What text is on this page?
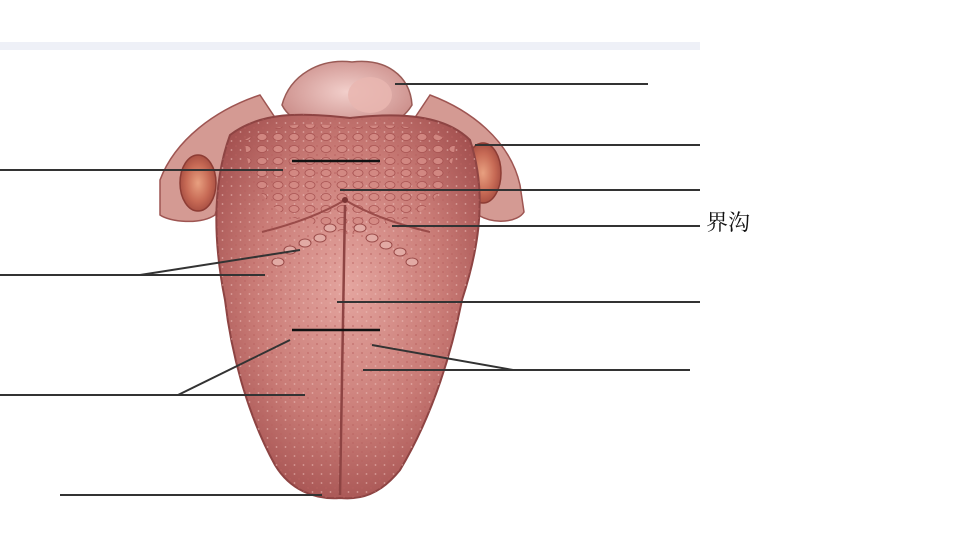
界沟
